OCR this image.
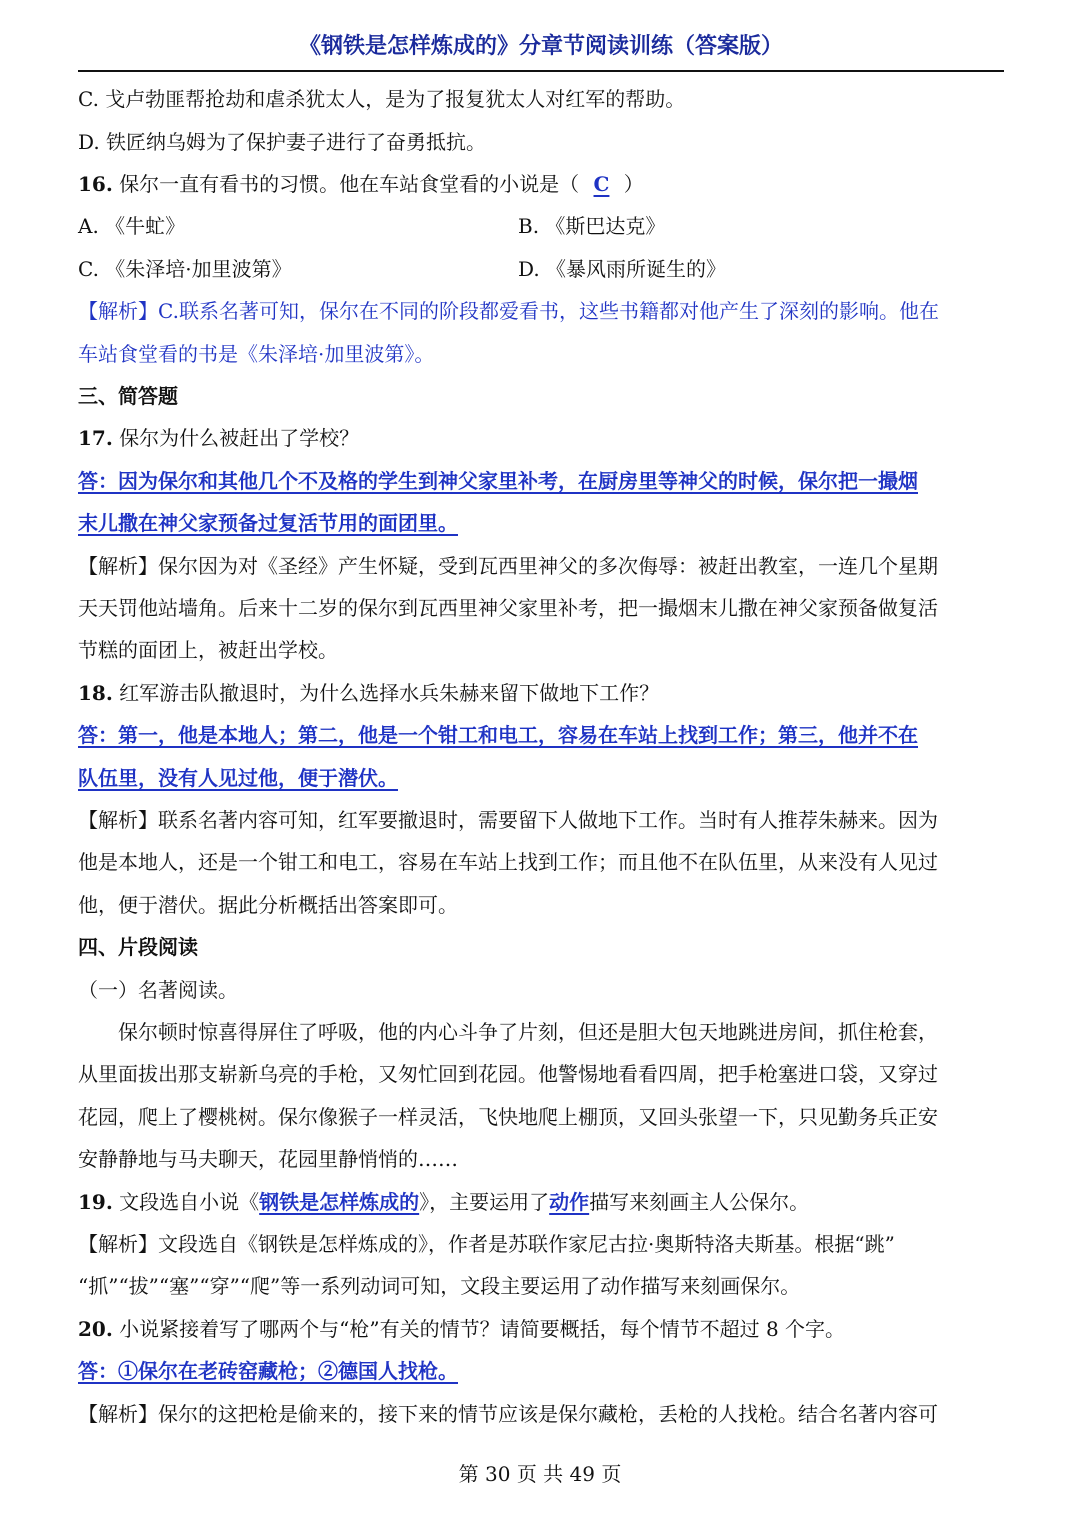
《钢铁是怎样炼成的》分章节阅读训练（答案版）
C. 戈卢勃匪帮抢劫和虐杀犹太人，是为了报复犹太人对红军的帮助。
D. 铁匠纳乌姆为了保护妻子进行了奋勇抵抗。
16. 保尔一直有看书的习惯。他在车站食堂看的小说是（ C ）
A. 《牛虻》	B. 《斯巴达克》
C. 《朱泽培·加里波第》	D. 《暴风雨所诞生的》
【解析】C.联系名著可知，保尔在不同的阶段都爱看书，这些书籍都对他产生了深刻的影响。他在
车站食堂看的书是《朱泽培·加里波第》。
三、简答题
17. 保尔为什么被赶出了学校？
答：因为保尔和其他几个不及格的学生到神父家里补考，在厨房里等神父的时候，保尔把一撮烟
末儿撒在神父家预备过复活节用的面团里。
【解析】保尔因为对《圣经》产生怀疑，受到瓦西里神父的多次侮辱：被赶出教室，一连几个星期
天天罚他站墙角。后来十二岁的保尔到瓦西里神父家里补考，把一撮烟末儿撒在神父家预备做复活
节糕的面团上，被赶出学校。
18. 红军游击队撤退时，为什么选择水兵朱赫来留下做地下工作？
答：第一，他是本地人；第二，他是一个钳工和电工，容易在车站上找到工作；第三，他并不在
队伍里，没有人见过他，便于潜伏。
【解析】联系名著内容可知，红军要撤退时，需要留下人做地下工作。当时有人推荐朱赫来。因为
他是本地人，还是一个钳工和电工，容易在车站上找到工作；而且他不在队伍里，从来没有人见过
他，便于潜伏。据此分析概括出答案即可。
四、片段阅读
（一）名著阅读。
保尔顿时惊喜得屏住了呼吸，他的内心斗争了片刻，但还是胆大包天地跳进房间，抓住枪套，
从里面拔出那支崭新乌亮的手枪，又匆忙回到花园。他警惕地看看四周，把手枪塞进口袋，又穿过
花园，爬上了樱桃树。保尔像猴子一样灵活，飞快地爬上棚顶，又回头张望一下，只见勤务兵正安
安静静地与马夫聊天，花园里静悄悄的……
19. 文段选自小说《钢铁是怎样炼成的》，主要运用了动作描写来刻画主人公保尔。
【解析】文段选自《钢铁是怎样炼成的》，作者是苏联作家尼古拉·奥斯特洛夫斯基。根据“跳”
“抓”“拔”“塞”“穿”“爬”等一系列动词可知，文段主要运用了动作描写来刻画保尔。
20. 小说紧接着写了哪两个与“枪”有关的情节？请简要概括，每个情节不超过 8 个字。
答：①保尔在老砖窑藏枪；②德国人找枪。
【解析】保尔的这把枪是偷来的，接下来的情节应该是保尔藏枪，丢枪的人找枪。结合名著内容可
第 30 页 共 49 页
